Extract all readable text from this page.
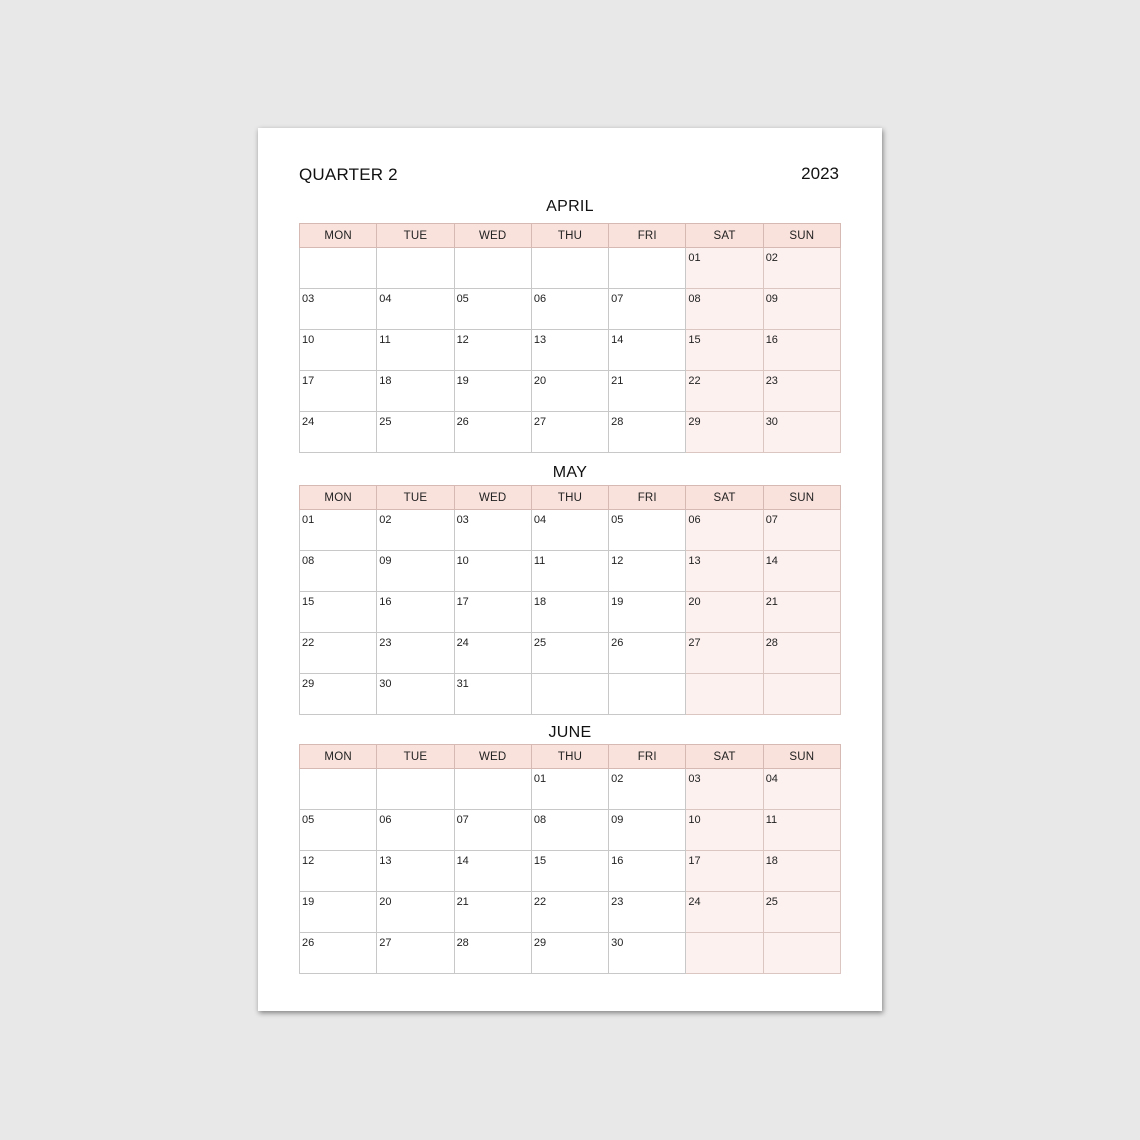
QUARTER 2	2023
APRIL
MON	TUE	WED	THU	FRI	SAT	SUN

					01	02

03	04	05	06	07	08	09

10	11	12	13	14	15	16

17	18	19	20	21	22	23

24	25	26	27	28	29	30
MAY
MON	TUE	WED	THU	FRI	SAT	SUN

01	02	03	04	05	06	07

08	09	10	11	12	13	14

15	16	17	18	19	20	21

22	23	24	25	26	27	28

29	30	31				

JUNE
MON	TUE	WED	THU	FRI	SAT	SUN

			01	02	03	04

05	06	07	08	09	10	11

12	13	14	15	16	17	18

19	20	21	22	23	24	25

26	27	28	29	30		
